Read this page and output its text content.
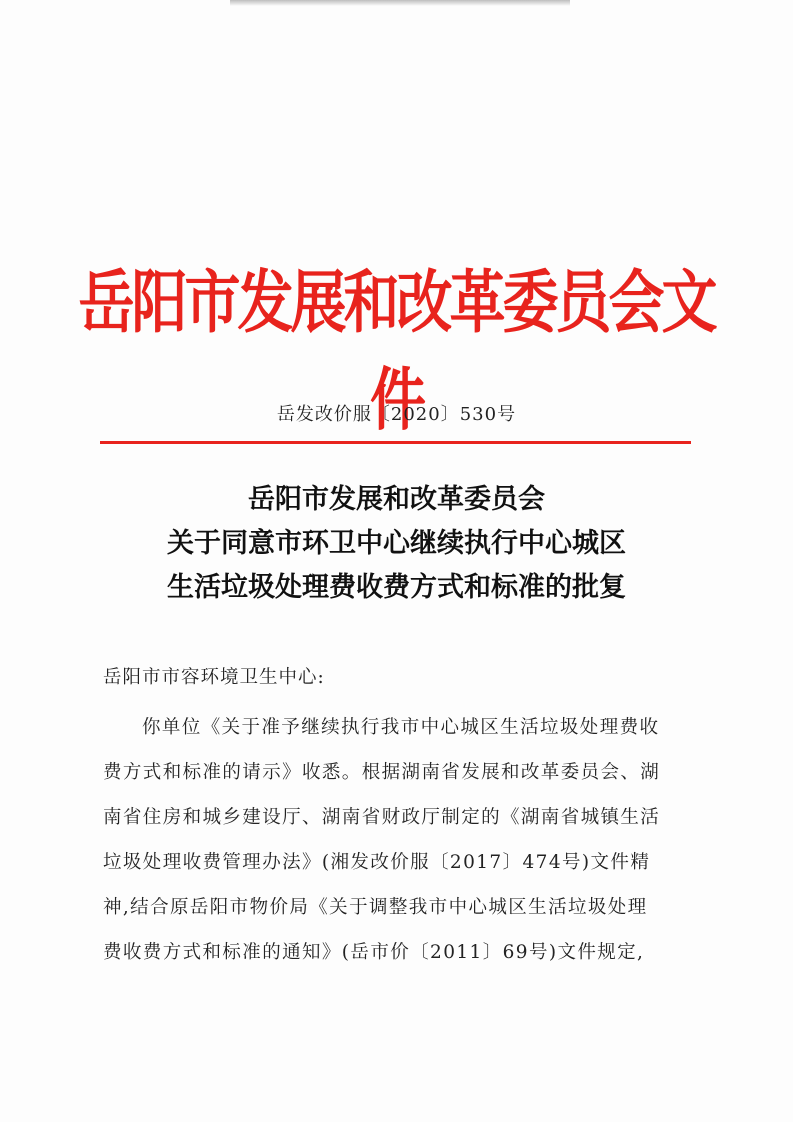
岳阳市发展和改革委员会文件
岳发改价服〔2020〕530号
岳阳市发展和改革委员会
关于同意市环卫中心继续执行中心城区
生活垃圾处理费收费方式和标准的批复
岳阳市市容环境卫生中心:
你单位《关于准予继续执行我市中心城区生活垃圾处理费收
费方式和标准的请示》收悉。根据湖南省发展和改革委员会、湖
南省住房和城乡建设厅、湖南省财政厅制定的《湖南省城镇生活
垃圾处理收费管理办法》(湘发改价服〔2017〕474号)文件精
神,结合原岳阳市物价局《关于调整我市中心城区生活垃圾处理
费收费方式和标准的通知》(岳市价〔2011〕69号)文件规定,
